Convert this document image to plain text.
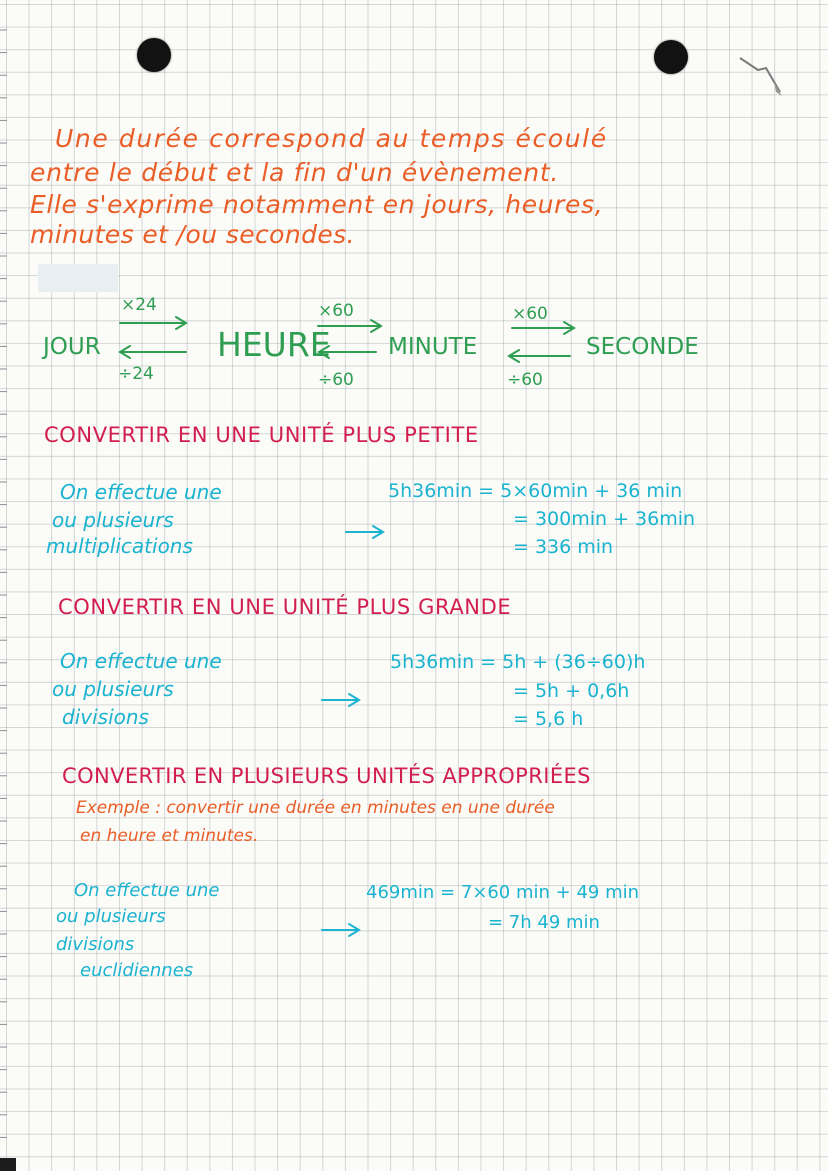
Une durée correspond au temps écoulé
entre le début et la fin d'un évènement.
Elle s'exprime notamment en jours, heures,
minutes et /ou secondes.
JOUR	HEURE MINUTE	SECONDE
×24
÷24
×60
÷60
×60
÷60
CONVERTIR EN UNE UNITÉ PLUS PETITE
On effectue une
ou plusieurs
multiplications
5h36min = 5×60min + 36 min
= 300min + 36min
= 336 min
CONVERTIR EN UNE UNITÉ PLUS GRANDE
On effectue une
ou plusieurs
divisions
5h36min = 5h + (36÷60)h
= 5h + 0,6h
= 5,6 h
CONVERTIR EN PLUSIEURS UNITÉS APPROPRIÉES
Exemple : convertir une durée en minutes en une durée
en heure et minutes.
On effectue une
ou plusieurs
divisions
euclidiennes
469min = 7×60 min + 49 min
= 7h 49 min
